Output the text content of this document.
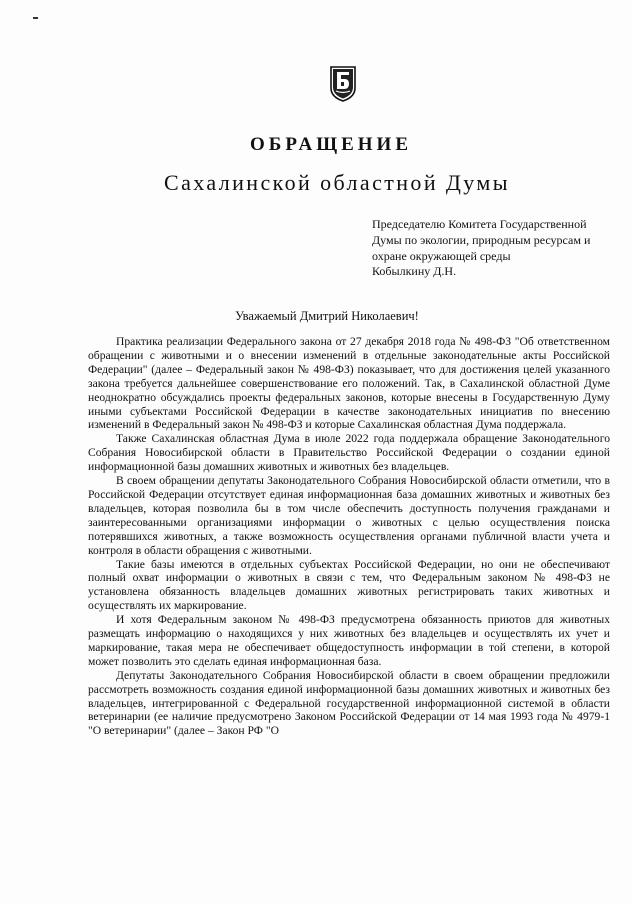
ОБРАЩЕНИЕ
Сахалинской областной Думы
Председателю Комитета Государственной
Думы по экологии, природным ресурсам и
охране окружающей среды
Кобылкину Д.Н.
Уважаемый Дмитрий Николаевич!

Практика реализации Федерального закона от 27 декабря 2018 года № 498-ФЗ "Об ответственном обращении с животными и о внесении изменений в отдельные законодательные акты Российской Федерации" (далее – Федеральный закон № 498-ФЗ) показывает, что для достижения целей указанного закона требуется дальнейшее совершенствование его положений. Так, в Сахалинской областной Думе неоднократно обсуждались проекты федеральных законов, которые внесены в Государственную Думу иными субъектами Российской Федерации в качестве законодательных инициатив по внесению изменений в Федеральный закон № 498-ФЗ и которые Сахалинская областная Дума поддержала.

Также Сахалинская областная Дума в июле 2022 года поддержала обращение Законодательного Собрания Новосибирской области в Правительство Российской Федерации о создании единой информационной базы домашних животных и животных без владельцев.

В своем обращении депутаты Законодательного Собрания Новосибирской области отметили, что в Российской Федерации отсутствует единая информационная база домашних животных и животных без владельцев, которая позволила бы в том числе обеспечить доступность получения гражданами и заинтересованными организациями информации о животных с целью осуществления поиска потерявшихся животных, а также возможность осуществления органами публичной власти учета и контроля в области обращения с животными.

Такие базы имеются в отдельных субъектах Российской Федерации, но они не обеспечивают полный охват информации о животных в связи с тем, что Федеральным законом № 498-ФЗ не установлена обязанность владельцев домашних животных регистрировать таких животных и осуществлять их маркирование.

И хотя Федеральным законом № 498-ФЗ предусмотрена обязанность приютов для животных размещать информацию о находящихся у них животных без владельцев и осуществлять их учет и маркирование, такая мера не обеспечивает общедоступность информации в той степени, в которой может позволить это сделать единая информационная база.

Депутаты Законодательного Собрания Новосибирской области в своем обращении предложили рассмотреть возможность создания единой информационной базы домашних животных и животных без владельцев, интегрированной с Федеральной государственной информационной системой в области ветеринарии (ее наличие предусмотрено Законом Российской Федерации от 14 мая 1993 года № 4979-1 "О ветеринарии" (далее – Закон РФ "О
